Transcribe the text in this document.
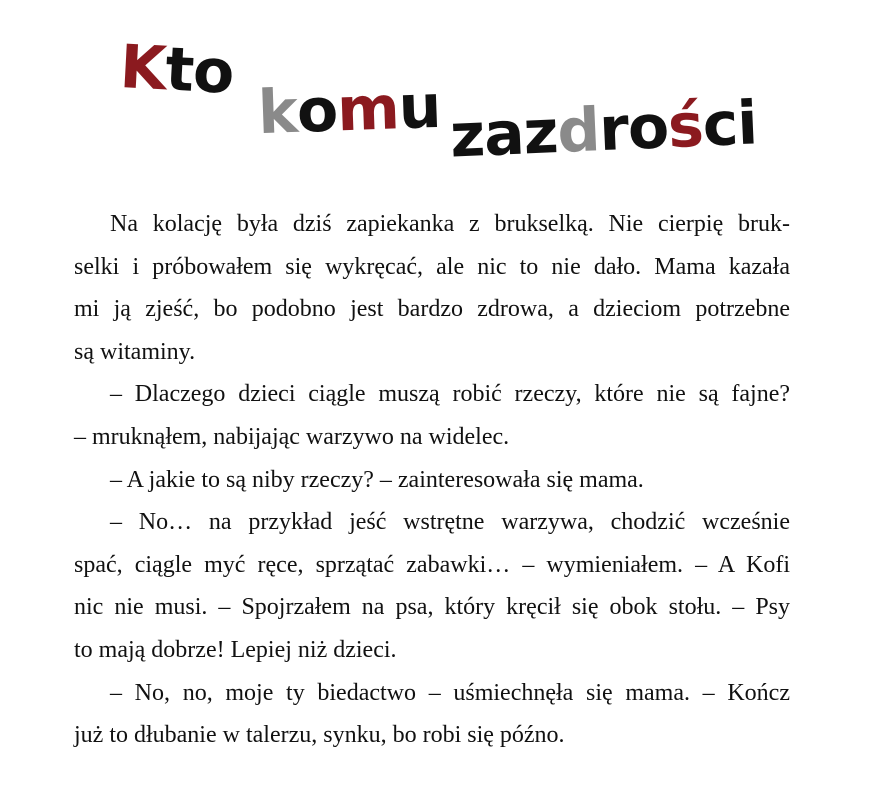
Kto
komu zazdrości

Na kolację była dziś zapiekanka z brukselką. Nie cierpię bruk-
selki i próbowałem się wykręcać, ale nic to nie dało. Mama kazała
mi ją zjeść, bo podobno jest bardzo zdrowa, a dzieciom potrzebne
są witaminy.

– Dlaczego dzieci ciągle muszą robić rzeczy, które nie są fajne?
– mruknąłem, nabijając warzywo na widelec.

– A jakie to są niby rzeczy? – zainteresowała się mama.

– No… na przykład jeść wstrętne warzywa, chodzić wcześnie
spać, ciągle myć ręce, sprzątać zabawki… – wymieniałem. – A Kofi
nic nie musi. – Spojrzałem na psa, który kręcił się obok stołu. – Psy
to mają dobrze! Lepiej niż dzieci.

– No, no, moje ty biedactwo – uśmiechnęła się mama. – Kończ
już to dłubanie w talerzu, synku, bo robi się późno.
